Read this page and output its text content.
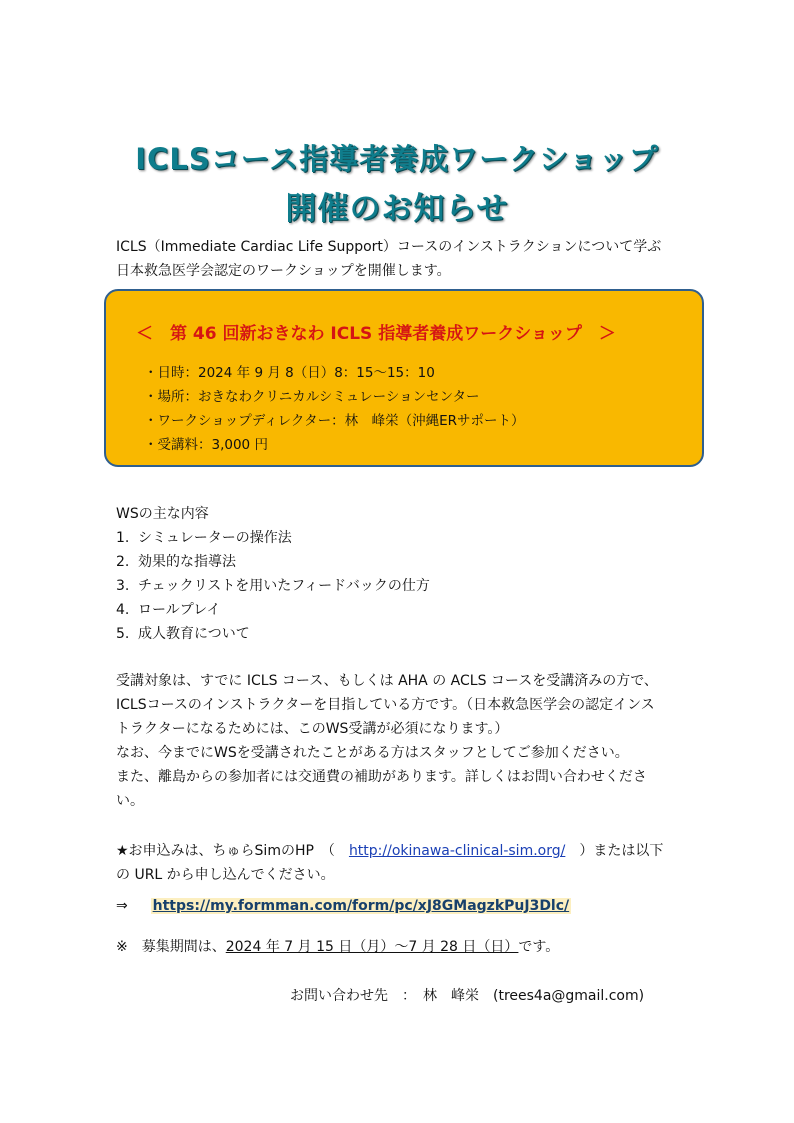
ICLSコース指導者養成ワークショップ
開催のお知らせ
ICLS（Immediate Cardiac Life Support）コースのインストラクションについて学ぶ
日本救急医学会認定のワークショップを開催します。
＜　第 46 回新おきなわ ICLS 指導者養成ワークショップ　＞
・日時：2024 年 9 月 8（日）8：15～15：10
・場所：おきなわクリニカルシミュレーションセンター
・ワークショップディレクター：林　峰栄（沖縄ERサポート）
・受講料：3,000 円
WSの主な内容
1. シミュレーターの操作法
2. 効果的な指導法
3. チェックリストを用いたフィードバックの仕方
4. ロールプレイ
5. 成人教育について
受講対象は、すでに ICLS コース、もしくは AHA の ACLS コースを受講済みの方で、
ICLSコースのインストラクターを目指している方です。（日本救急医学会の認定インス
トラクターになるためには、このWS受講が必須になります。）
なお、今までにWSを受講されたことがある方はスタッフとしてご参加ください。
また、離島からの参加者には交通費の補助があります。詳しくはお問い合わせくださ
い。
★お申込みは、ちゅらSimのHP　（　http://okinawa-clinical-sim.org/　）または以下
の URL から申し込んでください。
⇒ https://my.formman.com/form/pc/xJ8GMagzkPuJ3Dlc/
※　募集期間は、2024 年 7 月 15 日（月）～7 月 28 日（日）です。
お問い合わせ先　：　林　峰栄　(trees4a@gmail.com)
